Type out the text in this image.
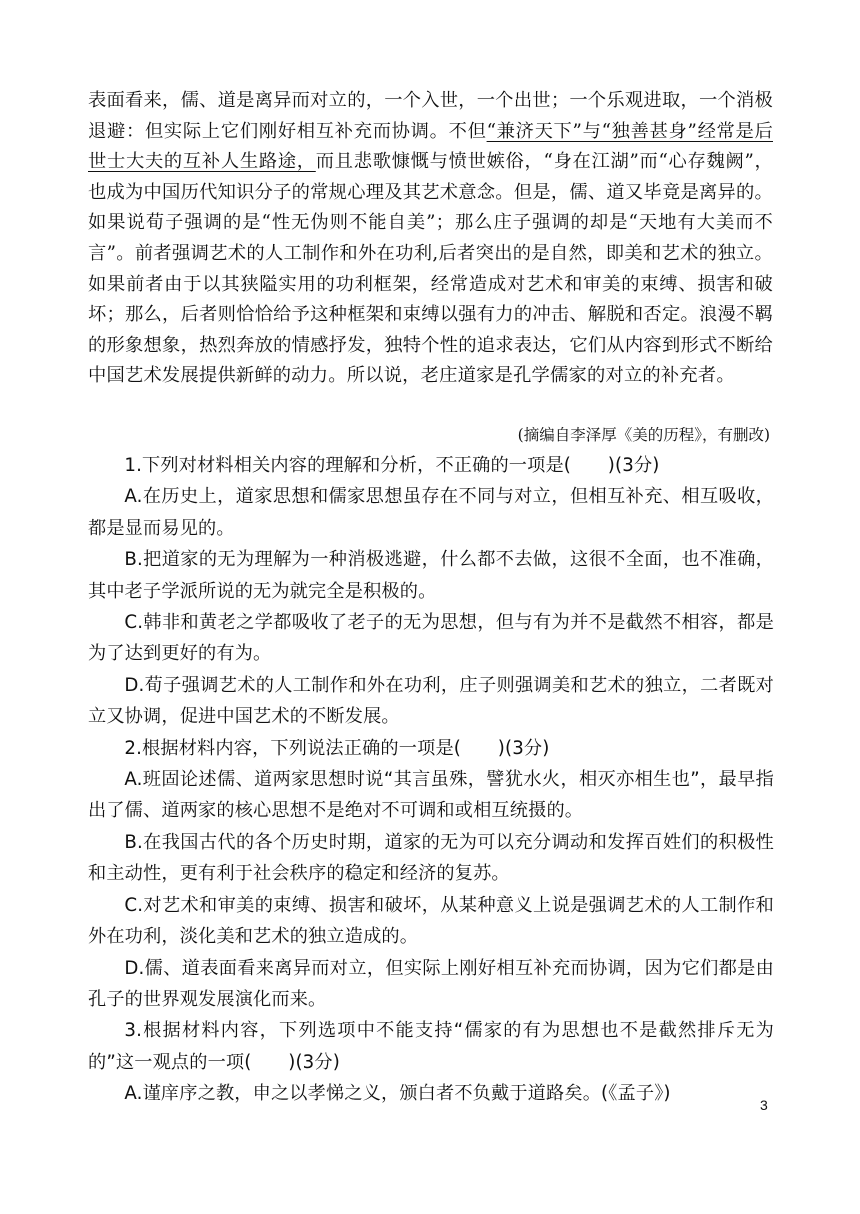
表面看来，儒、道是离异而对立的，一个入世，一个出世；一个乐观进取，一个消极退避：但实际上它们刚好相互补充而协调。不但“兼济天下”与“独善甚身”经常是后世士大夫的互补人生路途，而且悲歌慷慨与愤世嫉俗，“身在江湖”而“心存魏阙”，也成为中国历代知识分子的常规心理及其艺术意念。但是，儒、道又毕竟是离异的。如果说荀子强调的是“性无伪则不能自美”；那么庄子强调的却是“天地有大美而不言”。前者强调艺术的人工制作和外在功利,后者突出的是自然，即美和艺术的独立。如果前者由于以其狭隘实用的功利框架，经常造成对艺术和审美的束缚、损害和破坏；那么，后者则恰恰给予这种框架和束缚以强有力的冲击、解脱和否定。浪漫不羁的形象想象，热烈奔放的情感抒发，独特个性的追求表达，它们从内容到形式不断给中国艺术发展提供新鲜的动力。所以说，老庄道家是孔学儒家的对立的补充者。

(摘编自李泽厚《美的历程》，有删改)

1.下列对材料相关内容的理解和分析，不正确的一项是(　　)(3分)

A.在历史上，道家思想和儒家思想虽存在不同与对立，但相互补充、相互吸收，都是显而易见的。

B.把道家的无为理解为一种消极逃避，什么都不去做，这很不全面，也不准确，其中老子学派所说的无为就完全是积极的。

C.韩非和黄老之学都吸收了老子的无为思想，但与有为并不是截然不相容，都是为了达到更好的有为。

D.荀子强调艺术的人工制作和外在功利，庄子则强调美和艺术的独立，二者既对立又协调，促进中国艺术的不断发展。

2.根据材料内容，下列说法正确的一项是(　　)(3分)

A.班固论述儒、道两家思想时说“其言虽殊，譬犹水火，相灭亦相生也”，最早指出了儒、道两家的核心思想不是绝对不可调和或相互统摄的。

B.在我国古代的各个历史时期，道家的无为可以充分调动和发挥百姓们的积极性和主动性，更有利于社会秩序的稳定和经济的复苏。

C.对艺术和审美的束缚、损害和破坏，从某种意义上说是强调艺术的人工制作和外在功利，淡化美和艺术的独立造成的。

D.儒、道表面看来离异而对立，但实际上刚好相互补充而协调，因为它们都是由孔子的世界观发展演化而来。

3.根据材料内容，下列选项中不能支持“儒家的有为思想也不是截然排斥无为的”这一观点的一项(　　)(3分)

A.谨庠序之教，申之以孝悌之义，颁白者不负戴于道路矣。(《孟子》)

3
